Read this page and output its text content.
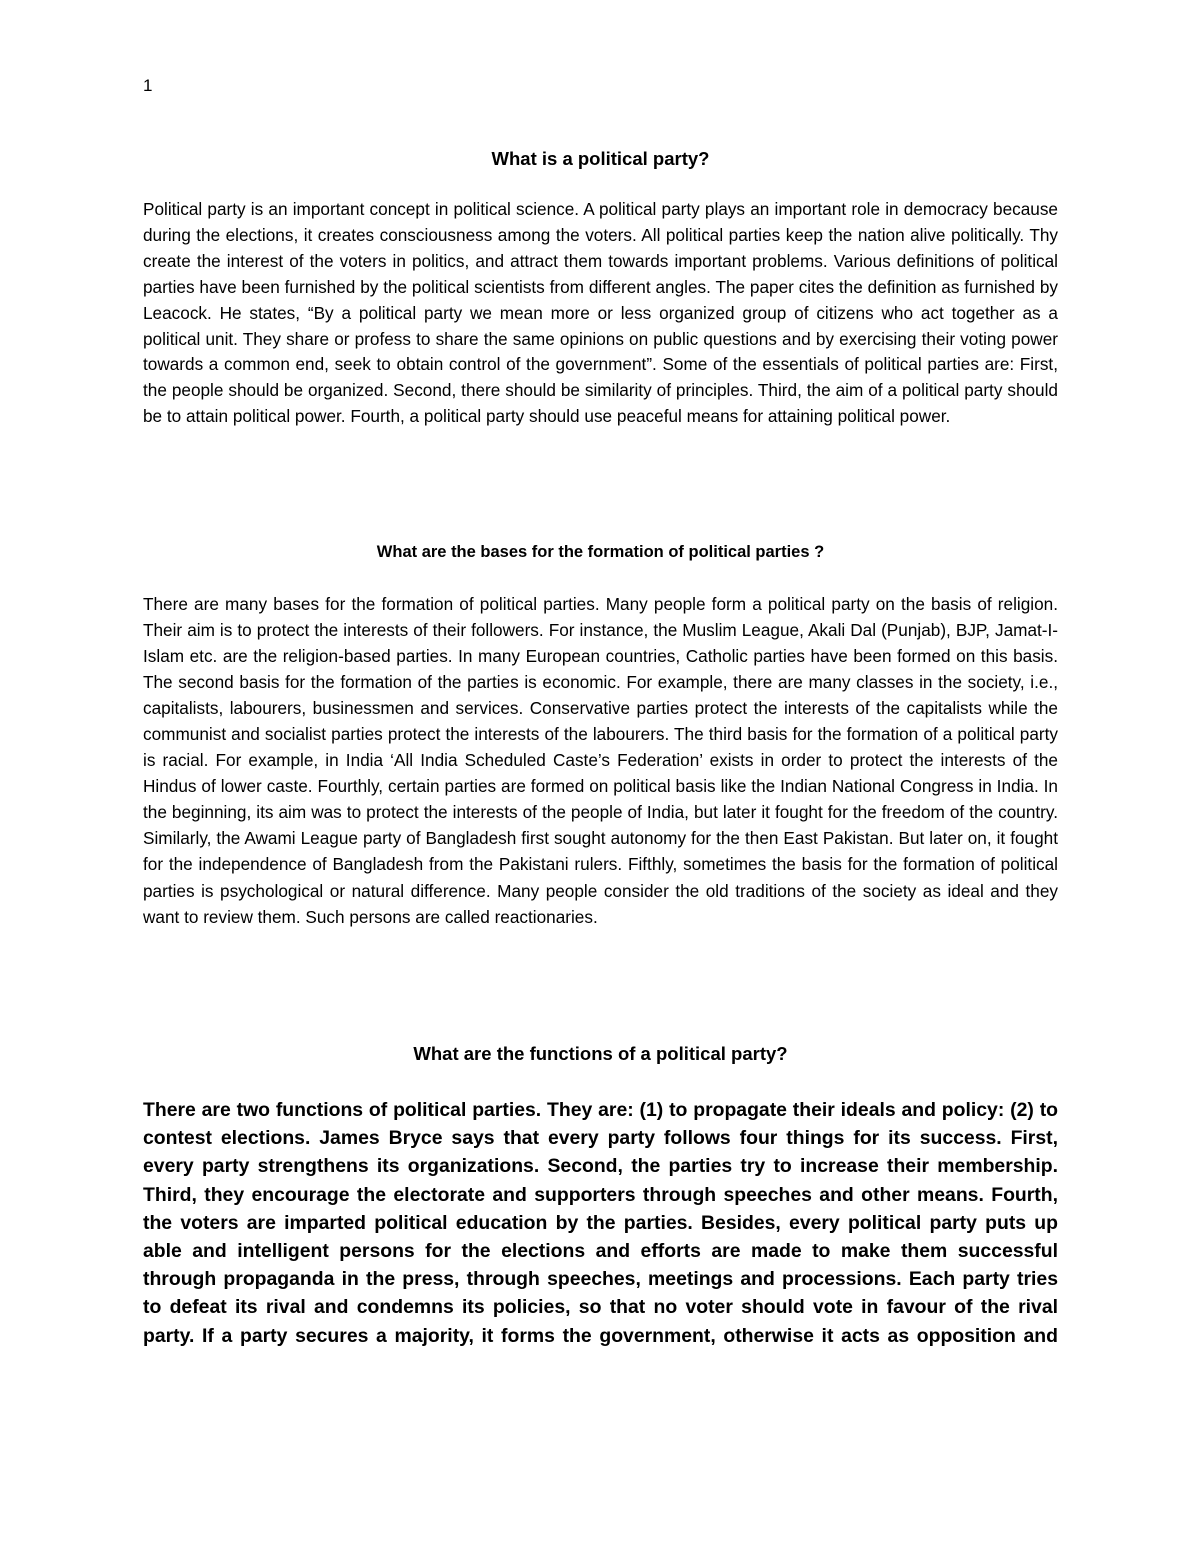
1
What is a political party?

Political party is an important concept in political science. A political party plays an important role in democracy because during the elections, it creates consciousness among the voters. All political parties keep the nation alive politically. Thy create the interest of the voters in politics, and attract them towards important problems. Various definitions of political parties have been furnished by the political scientists from different angles. The paper cites the definition as furnished by Leacock. He states, “By a political party we mean more or less organized group of citizens who act together as a political unit. They share or profess to share the same opinions on public questions and by exercising their voting power towards a common end, seek to obtain control of the government”. Some of the essentials of political parties are: First, the people should be organized. Second, there should be similarity of principles. Third, the aim of a political party should be to attain political power. Fourth, a political party should use peaceful means for attaining political power.

What are the bases for the formation of political parties ?

There are many bases for the formation of political parties. Many people form a political party on the basis of religion. Their aim is to protect the interests of their followers. For instance, the Muslim League, Akali Dal (Punjab), BJP, Jamat-I-Islam etc. are the religion-based parties. In many European countries, Catholic parties have been formed on this basis. The second basis for the formation of the parties is economic. For example, there are many classes in the society, i.e., capitalists, labourers, businessmen and services. Conservative parties protect the interests of the capitalists while the communist and socialist parties protect the interests of the labourers. The third basis for the formation of a political party is racial. For example, in India ‘All India Scheduled Caste’s Federation’ exists in order to protect the interests of the Hindus of lower caste. Fourthly, certain parties are formed on political basis like the Indian National Congress in India. In the beginning, its aim was to protect the interests of the people of India, but later it fought for the freedom of the country. Similarly, the Awami League party of Bangladesh first sought autonomy for the then East Pakistan. But later on, it fought for the independence of Bangladesh from the Pakistani rulers. Fifthly, sometimes the basis for the formation of political parties is psychological or natural difference. Many people consider the old traditions of the society as ideal and they want to review them. Such persons are called reactionaries.

What are the functions of a political party?

There are two functions of political parties. They are: (1) to propagate their ideals and policy: (2) to contest elections. James Bryce says that every party follows four things for its success. First, every party strengthens its organizations. Second, the parties try to increase their membership. Third, they encourage the electorate and supporters through speeches and other means. Fourth, the voters are imparted political education by the parties. Besides, every political party puts up able and intelligent persons for the elections and efforts are made to make them successful through propaganda in the press, through speeches, meetings and processions. Each party tries to defeat its rival and condemns its policies, so that no voter should vote in favour of the rival party. If a party secures a majority, it forms the government, otherwise it acts as opposition and
